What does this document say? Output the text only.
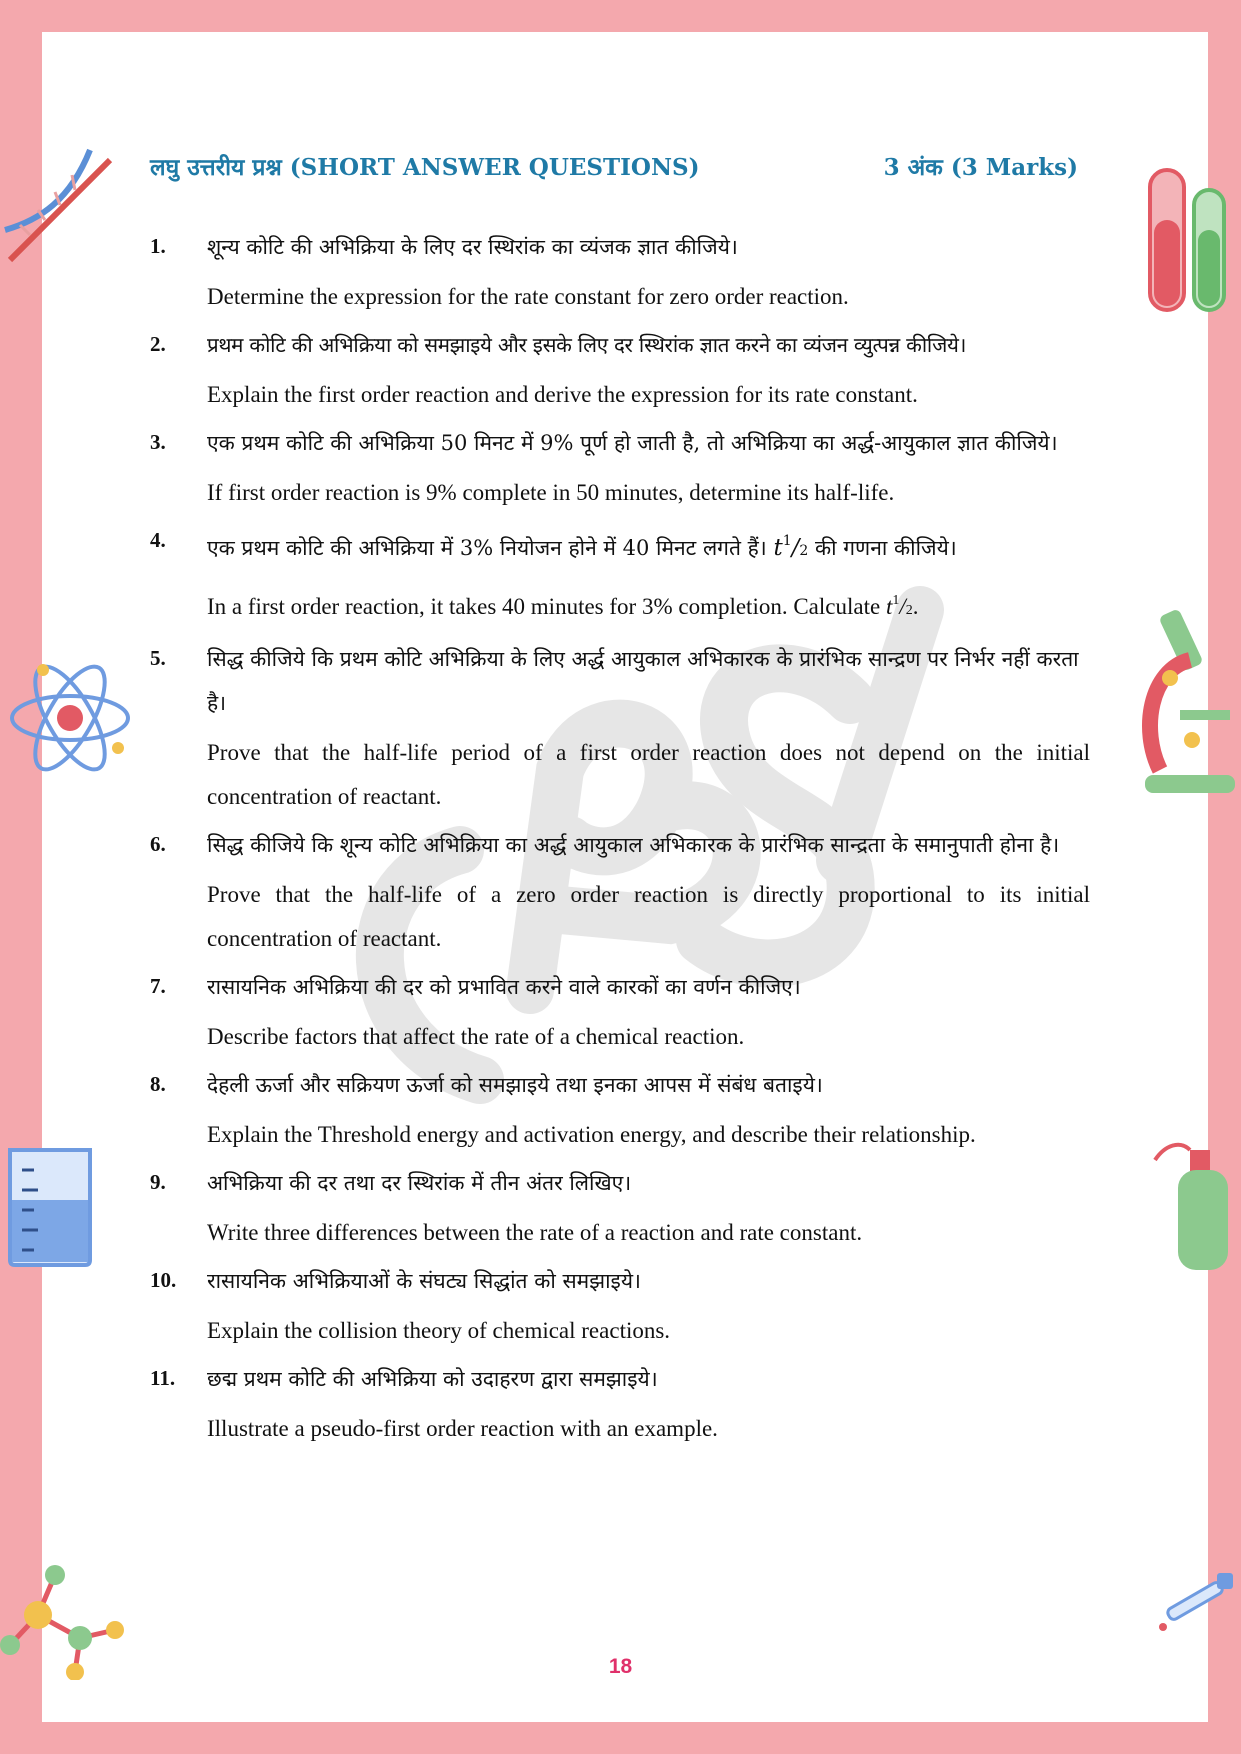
लघु उत्तरीय प्रश्न (SHORT ANSWER QUESTIONS)	3 अंक (3 Marks)
1.	शून्य कोटि की अभिक्रिया के लिए दर स्थिरांक का व्यंजक ज्ञात कीजिये।
Determine the expression for the rate constant for zero order reaction.
2.	प्रथम कोटि की अभिक्रिया को समझाइये और इसके लिए दर स्थिरांक ज्ञात करने का व्यंजन व्युत्पन्न कीजिये।
Explain the first order reaction and derive the expression for its rate constant.
3.	एक प्रथम कोटि की अभिक्रिया 50 मिनट में 9% पूर्ण हो जाती है, तो अभिक्रिया का अर्द्ध-आयुकाल ज्ञात कीजिये।
If first order reaction is 9% complete in 50 minutes, determine its half-life.
4.	एक प्रथम कोटि की अभिक्रिया में 3% नियोजन होने में 40 मिनट लगते हैं। $t^1/2$ की गणना कीजिये।
In a first order reaction, it takes 40 minutes for 3% completion. Calculate $t^1/2$.
5.	सिद्ध कीजिये कि प्रथम कोटि अभिक्रिया के लिए अर्द्ध आयुकाल अभिकारक के प्रारंभिक सान्द्रण पर निर्भर नहीं करता है।
Prove that the half-life period of a first order reaction does not depend on the initial concentration of reactant.
6.	सिद्ध कीजिये कि शून्य कोटि अभिक्रिया का अर्द्ध आयुकाल अभिकारक के प्रारंभिक सान्द्रता के समानुपाती होना है।
Prove that the half-life of a zero order reaction is directly proportional to its initial concentration of reactant.
7.	रासायनिक अभिक्रिया की दर को प्रभावित करने वाले कारकों का वर्णन कीजिए।
Describe factors that affect the rate of a chemical reaction.
8.	देहली ऊर्जा और सक्रियण ऊर्जा को समझाइये तथा इनका आपस में संबंध बताइये।
Explain the Threshold energy and activation energy, and describe their relationship.
9.	अभिक्रिया की दर तथा दर स्थिरांक में तीन अंतर लिखिए।
Write three differences between the rate of a reaction and rate constant.
10.	रासायनिक अभिक्रियाओं के संघट्य सिद्धांत को समझाइये।
Explain the collision theory of chemical reactions.
11.	छद्म प्रथम कोटि की अभिक्रिया को उदाहरण द्वारा समझाइये।
Illustrate a pseudo-first order reaction with an example.
18
